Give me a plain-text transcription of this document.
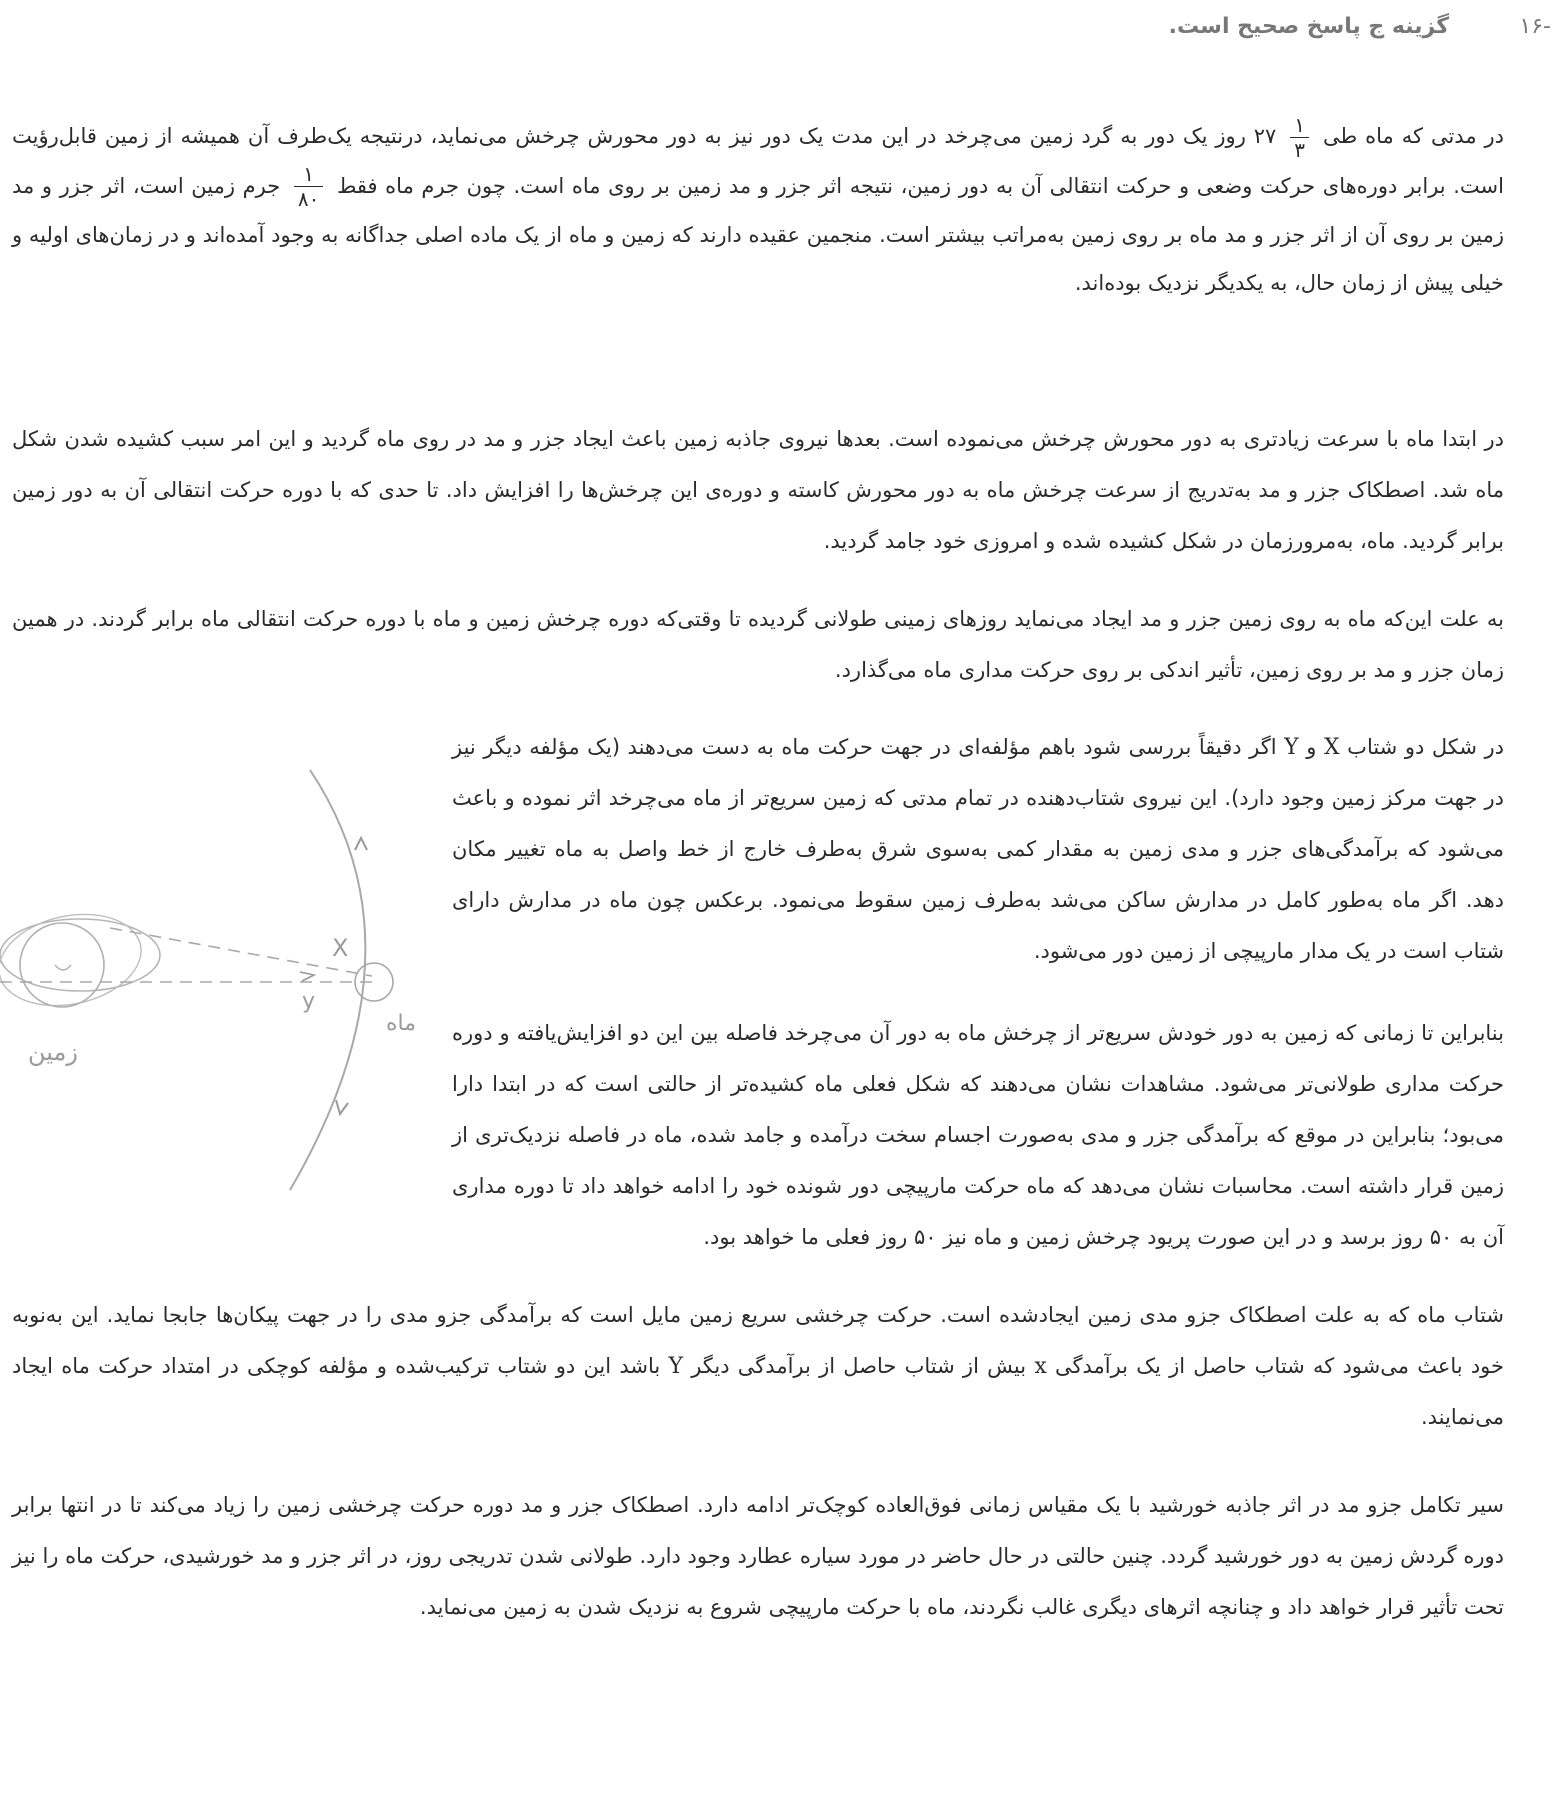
-۱۶
گزینه ج پاسخ صحیح است.
در مدتی که ماه طی
$\frac{۱}{۳}$
۲۷ روز یک دور به گرد زمین می‌چرخد در این مدت یک دور نیز به دور محورش چرخش می‌نماید، درنتیجه یک‌طرف آن همیشه از زمین قابل‌رؤیت است. برابر دوره‌های حرکت وضعی و حرکت انتقالی آن به دور زمین، نتیجه اثر جزر و مد زمین بر روی ماه است. چون جرم ماه فقط
$\frac{۱}{۸۰}$
جرم زمین است، اثر جزر و مد زمین بر روی آن از اثر جزر و مد ماه بر روی زمین به‌مراتب بیشتر است. منجمین عقیده دارند که زمین و ماه از یک ماده اصلی جداگانه به وجود آمده‌اند و در زمان‌های اولیه و خیلی پیش از زمان حال، به یکدیگر نزدیک بوده‌اند.
در ابتدا ماه با سرعت زیادتری به دور محورش چرخش می‌نموده است. بعدها نیروی جاذبه زمین باعث ایجاد جزر و مد در روی ماه گردید و این امر سبب کشیده شدن شکل ماه شد. اصطکاک جزر و مد به‌تدریج از سرعت چرخش ماه به دور محورش کاسته و دوره‌ی این چرخش‌ها را افزایش داد. تا حدی که با دوره حرکت انتقالی آن به دور زمین برابر گردید. ماه، به‌مرورزمان در شکل کشیده شده و امروزی خود جامد گردید.
به علت این‌که ماه به روی زمین جزر و مد ایجاد می‌نماید روزهای زمینی طولانی گردیده تا وقتی‌که دوره چرخش زمین و ماه با دوره حرکت انتقالی ماه برابر گردند. در همین زمان جزر و مد بر روی زمین، تأثیر اندکی بر روی حرکت مداری ماه می‌گذارد.
در شکل دو شتاب X و Y اگر دقیقاً بررسی شود باهم مؤلفه‌ای در جهت حرکت ماه به دست می‌دهند (یک مؤلفه دیگر نیز در جهت مرکز زمین وجود دارد). این نیروی شتاب‌دهنده در تمام مدتی که زمین سریع‌تر از ماه می‌چرخد اثر نموده و باعث می‌شود که برآمدگی‌های جزر و مدی زمین به مقدار کمی به‌سوی شرق به‌طرف خارج از خط واصل به ماه تغییر مکان دهد. اگر ماه به‌طور کامل در مدارش ساکن می‌شد به‌طرف زمین سقوط می‌نمود. برعکس چون ماه در مدارش دارای شتاب است در یک مدار مارپیچی از زمین دور می‌شود.
بنابراین تا زمانی که زمین به دور خودش سریع‌تر از چرخش ماه به دور آن می‌چرخد فاصله بین این دو افزایش‌یافته و دوره حرکت مداری طولانی‌تر می‌شود. مشاهدات نشان می‌دهند که شکل فعلی ماه کشیده‌تر از حالتی است که در ابتدا دارا می‌بود؛ بنابراین در موقع که برآمدگی جزر و مدی به‌صورت اجسام سخت درآمده و جامد شده، ماه در فاصله نزدیک‌تری از زمین قرار داشته است. محاسبات نشان می‌دهد که ماه حرکت مارپیچی دور شونده خود را ادامه خواهد داد تا دوره مداری آن به ۵۰ روز برسد و در این صورت پریود چرخش زمین و ماه نیز ۵۰ روز فعلی ما خواهد بود.
شتاب ماه که به علت اصطکاک جزو مدی زمین ایجادشده است. حرکت چرخشی سریع زمین مایل است که برآمدگی جزو مدی را در جهت پیکان‌ها جابجا نماید. این به‌نوبه خود باعث می‌شود که شتاب حاصل از یک برآمدگی x بیش از شتاب حاصل از برآمدگی دیگر Y باشد این دو شتاب ترکیب‌شده و مؤلفه کوچکی در امتداد حرکت ماه ایجاد می‌نمایند.
سیر تکامل جزو مد در اثر جاذبه خورشید با یک مقیاس زمانی فوق‌العاده کوچک‌تر ادامه دارد. اصطکاک جزر و مد دوره حرکت چرخشی زمین را زیاد می‌کند تا در انتها برابر دوره گردش زمین به دور خورشید گردد. چنین حالتی در حال حاضر در مورد سیاره عطارد وجود دارد. طولانی شدن تدریجی روز، در اثر جزر و مد خورشیدی، حرکت ماه را نیز تحت تأثیر قرار خواهد داد و چنانچه اثرهای دیگری غالب نگردند، ماه با حرکت مارپیچی شروع به نزدیک شدن به زمین می‌نماید.
X
y
ماه
زمین
